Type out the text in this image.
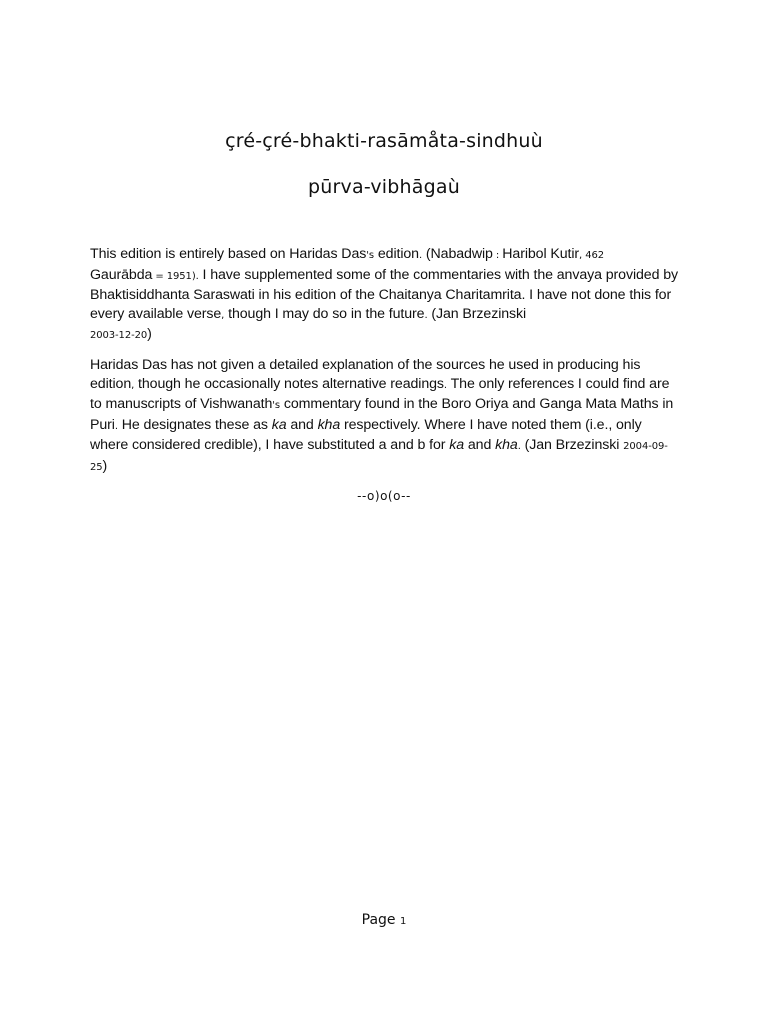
çré-çré-bhakti-rasāmåta-sindhuù
pūrva-vibhāgaù

This edition is entirely based on Haridas Das's edition. (Nabadwip : Haribol Kutir, 462
Gaurābda = 1951). I have supplemented some of the commentaries with the anvaya provided by Bhaktisiddhanta Saraswati in his edition of the Chaitanya Charitamrita. I have not done this for every available verse, though I may do so in the future. (Jan Brzezinski
2003-12-20)

Haridas Das has not given a detailed explanation of the sources he used in producing his edition, though he occasionally notes alternative readings. The only references I could find are to manuscripts of Vishwanath's commentary found in the Boro Oriya and Ganga Mata Maths in Puri. He designates these as ka and kha respectively. Where I have noted them (i.e., only where considered credible), I have substituted a and b for ka and kha. (Jan Brzezinski 2004-09-25)

--o)o(o--
Page 1
